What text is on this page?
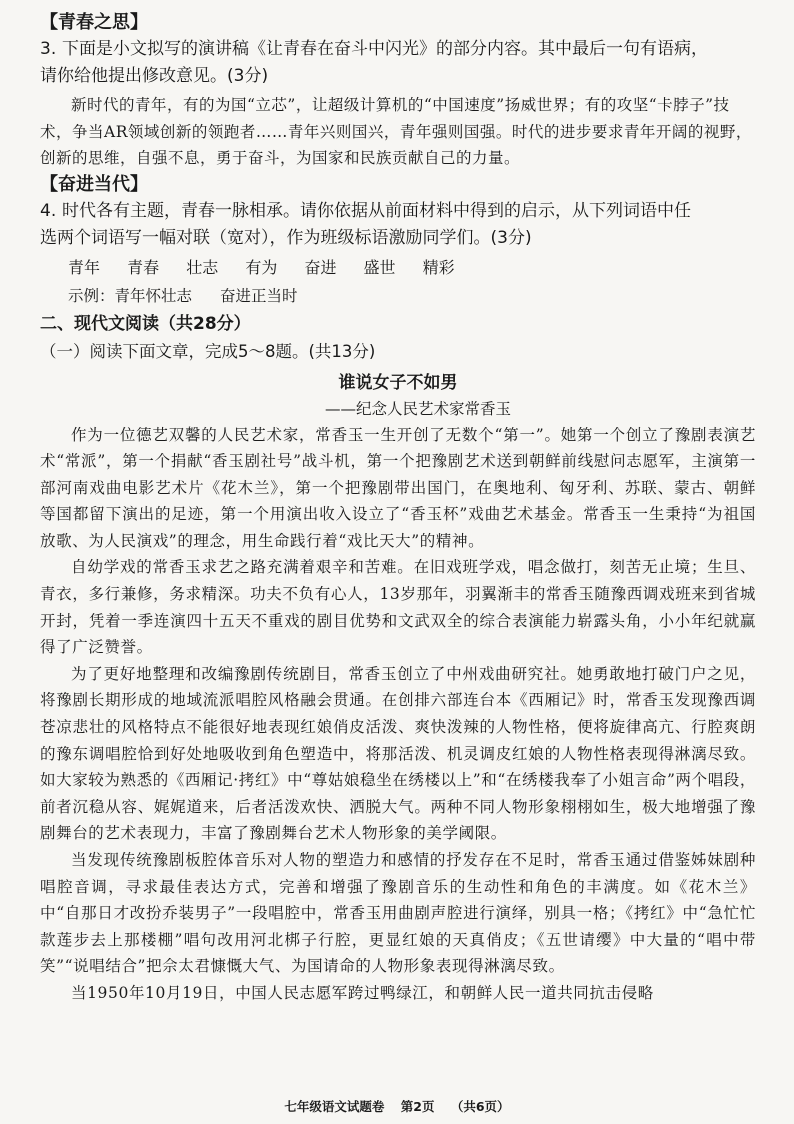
【青春之思】

3. 下面是小文拟写的演讲稿《让青春在奋斗中闪光》的部分内容。其中最后一句有语病，

请你给他提出修改意见。(3分)

新时代的青年，有的为国“立芯”，让超级计算机的“中国速度”扬威世界；有的攻坚“卡脖子”技术，争当AR领域创新的领跑者……青年兴则国兴，青年强则国强。时代的进步要求青年开阔的视野，创新的思维，自强不息，勇于奋斗，为国家和民族贡献自己的力量。

【奋进当代】

4. 时代各有主题，青春一脉相承。请你依据从前面材料中得到的启示，从下列词语中任

选两个词语写一幅对联（宽对），作为班级标语激励同学们。(3分)

青年 青春 壮志 有为 奋进 盛世 精彩

示例：青年怀壮志 奋进正当时

二、现代文阅读（共28分）

（一）阅读下面文章，完成5～8题。(共13分)

谁说女子不如男

——纪念人民艺术家常香玉

作为一位德艺双馨的人民艺术家，常香玉一生开创了无数个“第一”。她第一个创立了豫剧表演艺术“常派”，第一个捐献“香玉剧社号”战斗机，第一个把豫剧艺术送到朝鲜前线慰问志愿军，主演第一部河南戏曲电影艺术片《花木兰》，第一个把豫剧带出国门，在奥地利、匈牙利、苏联、蒙古、朝鲜等国都留下演出的足迹，第一个用演出收入设立了“香玉杯”戏曲艺术基金。常香玉一生秉持“为祖国放歌、为人民演戏”的理念，用生命践行着“戏比天大”的精神。

自幼学戏的常香玉求艺之路充满着艰辛和苦难。在旧戏班学戏，唱念做打，刻苦无止境；生旦、青衣，多行兼修，务求精深。功夫不负有心人，13岁那年，羽翼渐丰的常香玉随豫西调戏班来到省城开封，凭着一季连演四十五天不重戏的剧目优势和文武双全的综合表演能力崭露头角，小小年纪就赢得了广泛赞誉。

为了更好地整理和改编豫剧传统剧目，常香玉创立了中州戏曲研究社。她勇敢地打破门户之见，将豫剧长期形成的地域流派唱腔风格融会贯通。在创排六部连台本《西厢记》时，常香玉发现豫西调苍凉悲壮的风格特点不能很好地表现红娘俏皮活泼、爽快泼辣的人物性格，便将旋律高亢、行腔爽朗的豫东调唱腔恰到好处地吸收到角色塑造中，将那活泼、机灵调皮红娘的人物性格表现得淋漓尽致。如大家较为熟悉的《西厢记·拷红》中“尊姑娘稳坐在绣楼以上”和“在绣楼我奉了小姐言命”两个唱段，前者沉稳从容、娓娓道来，后者活泼欢快、洒脱大气。两种不同人物形象栩栩如生，极大地增强了豫剧舞台的艺术表现力，丰富了豫剧舞台艺术人物形象的美学阈限。

当发现传统豫剧板腔体音乐对人物的塑造力和感情的抒发存在不足时，常香玉通过借鉴姊妹剧种唱腔音调，寻求最佳表达方式，完善和增强了豫剧音乐的生动性和角色的丰满度。如《花木兰》中“自那日才改扮乔装男子”一段唱腔中，常香玉用曲剧声腔进行演绎，别具一格；《拷红》中“急忙忙款莲步去上那楼棚”唱句改用河北梆子行腔，更显红娘的天真俏皮；《五世请缨》中大量的“唱中带笑”“说唱结合”把佘太君慷慨大气、为国请命的人物形象表现得淋漓尽致。

当1950年10月19日，中国人民志愿军跨过鸭绿江，和朝鲜人民一道共同抗击侵略

七年级语文试题卷 第2页 （共6页）
